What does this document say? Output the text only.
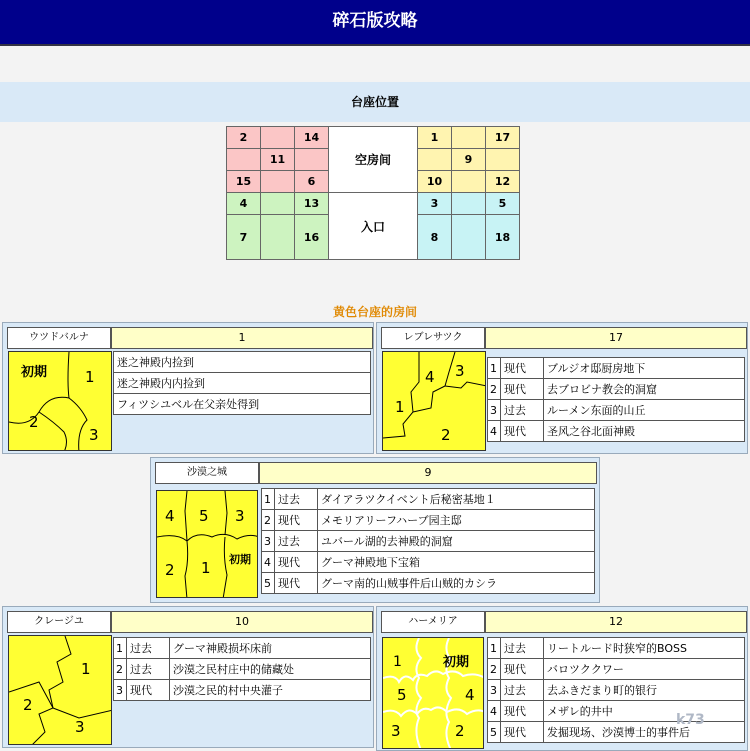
碎石版攻略
台座位置
2		14	空房间	1		17
	11				9	
15		6		10		12
4		13	入口	3		5
7		16		8		18

黄色台座的房间
ウツドバルナ	1
初期	1
2
3
迷之神殿内捡到
迷之神殿内内捡到
フィツシユベル在父亲处得到
レブレサツク	17
1
4 3
2
1	现代	ブルジオ邸厨房地下
2	现代	去ブロビナ教会的洞窟
3	过去	ルーメン东面的山丘
4	现代	圣风之谷北面神殿
沙漠之城	9
4 5 3
2 1 初期
1	过去	ダイアラツクイベント后秘密基地１
2	现代	メモリアリーフハーブ园主邸
3	过去	ユバール湖的去神殿的洞窟
4	现代	グーマ神殿地下宝箱
5	现代	グーマ南的山贼事件后山贼的カシラ
クレージユ	10
1
2
3
1	过去	グーマ神殿损坏床前
2	过去	沙漠之民村庄中的储藏处
3	现代	沙漠之民的村中央灌子
ハーメリア	12
1	初期
5	4
3	2
1	过去	リートルード时狭窄的BOSS
2	现代	バロツククワー
3	过去	去ふきだまり町的银行
4	现代	メザレ的井中
5	现代	发掘现场、沙漠博士的事件后
k73
